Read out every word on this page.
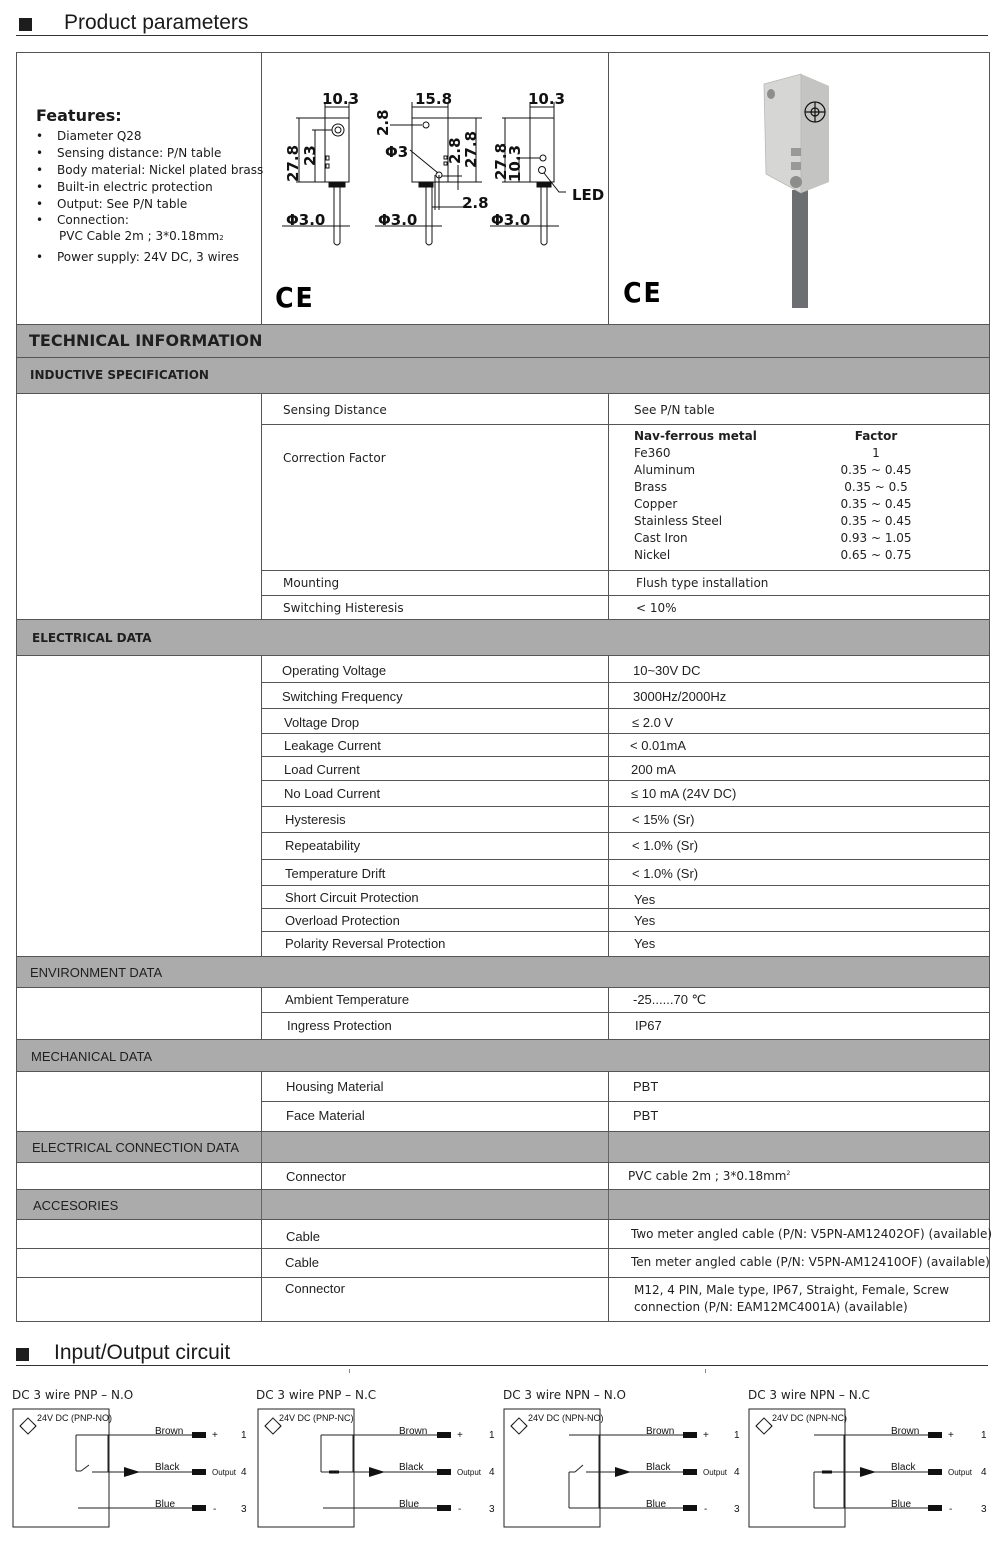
Product parameters
Features:
• Diameter Q28
• Sensing distance: P/N table
• Body material: Nickel plated brass
• Built-in electric protection
• Output: See P/N table
• Connection:
PVC Cable 2m ; 3*0.18mm2
• Power supply: 24V DC, 3 wires
10.3	15.8	10.3
27.8 23
2.8
Φ3	2.8
27.8
2.8
27.8
10.3
Φ3.0	Φ3.0	Φ3.0
LED
CE	CE
TECHNICAL INFORMATION
INDUCTIVE SPECIFICATION
Sensing Distance	See P/N table
Correction Factor
Nav-ferrous metal	Factor
Fe360	1
Aluminum	0.35 ~ 0.45
Brass	0.35 ~ 0.5
Copper	0.35 ~ 0.45
Stainless Steel	0.35 ~ 0.45
Cast Iron	0.93 ~ 1.05
Nickel	0.65 ~ 0.75
Mounting	Flush type installation
Switching Histeresis	< 10%
ELECTRICAL DATA
Operating Voltage	10~30V DC
Switching Frequency	3000Hz/2000Hz
Voltage Drop	≤ 2.0 V
Leakage Current	< 0.01mA
Load Current	200 mA
No Load Current	≤ 10 mA (24V DC)
Hysteresis	< 15% (Sr)
Repeatability	< 1.0% (Sr)
Temperature Drift	< 1.0% (Sr)
Short Circuit Protection	Yes
Overload Protection	Yes
Polarity Reversal Protection	Yes
ENVIRONMENT DATA
Ambient Temperature	-25......70 ℃
Ingress Protection	IP67
MECHANICAL DATA
Housing Material	PBT
Face Material	PBT
ELECTRICAL CONNECTION DATA
Connector	PVC cable 2m ; $3*0.18mm^2$
ACCESORIES
Cable	Two meter angled cable (P/N: V5PN-AM12402OF) (available)
Cable	Ten meter angled cable (P/N: V5PN-AM12410OF) (available)
Connector	M12, 4 PIN, Male type, IP67, Straight, Female, Screw
connection (P/N: EAM12MC4001A) (available)
Input/Output circuit
DC 3 wire PNP – N.O	DC 3 wire PNP – N.C	DC 3 wire NPN – N.O	DC 3 wire NPN – N.C
24V DC (PNP-NO)
Brown
Black
Blue
+
Output
-
1
4
3
24V DC (PNP-NC)
Brown
Black
Blue
+
Output
-
1
4
3
24V DC (NPN-NO)
Brown
Black
Blue
+
Output
-
1
4
3
24V DC (NPN-NC)
Brown
Black
Blue
+
Output
-
1
4
3
